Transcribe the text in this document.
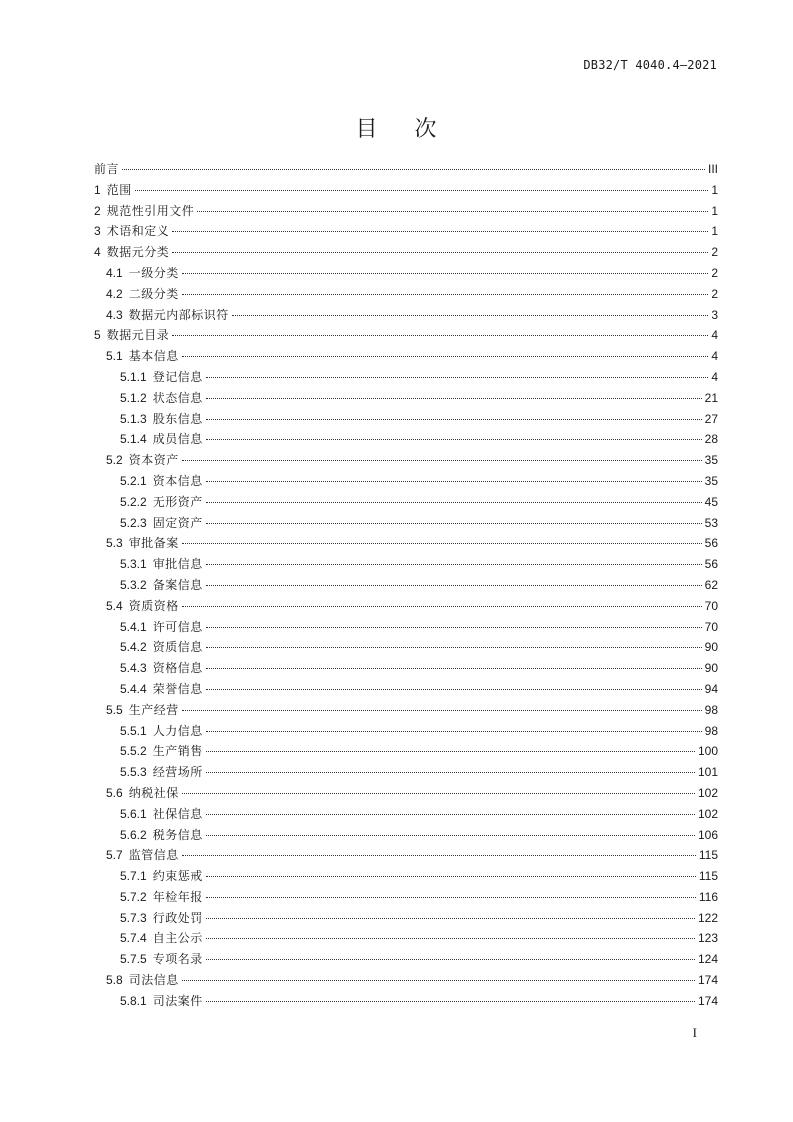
DB32/T 4040.4—2021
目 次
前言	III
1 范围	1
2 规范性引用文件	1
3 术语和定义	1
4 数据元分类	2
4.1 一级分类	2
4.2 二级分类	2
4.3 数据元内部标识符	3
5 数据元目录	4
5.1 基本信息	4
5.1.1 登记信息	4
5.1.2 状态信息	21
5.1.3 股东信息	27
5.1.4 成员信息	28
5.2 资本资产	35
5.2.1 资本信息	35
5.2.2 无形资产	45
5.2.3 固定资产	53
5.3 审批备案	56
5.3.1 审批信息	56
5.3.2 备案信息	62
5.4 资质资格	70
5.4.1 许可信息	70
5.4.2 资质信息	90
5.4.3 资格信息	90
5.4.4 荣誉信息	94
5.5 生产经营	98
5.5.1 人力信息	98
5.5.2 生产销售	100
5.5.3 经营场所	101
5.6 纳税社保	102
5.6.1 社保信息	102
5.6.2 税务信息	106
5.7 监管信息	115
5.7.1 约束惩戒	115
5.7.2 年检年报	116
5.7.3 行政处罚	122
5.7.4 自主公示	123
5.7.5 专项名录	124
5.8 司法信息	174
5.8.1 司法案件	174
I
